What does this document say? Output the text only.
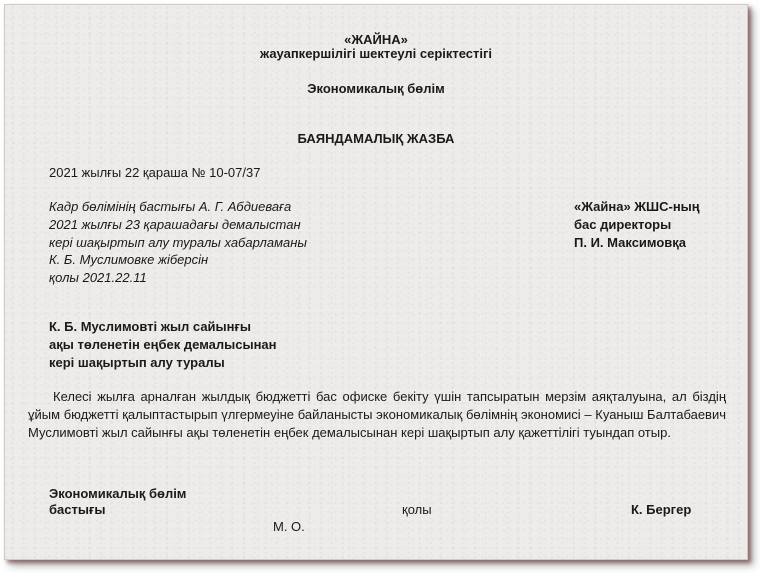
«ЖАЙНА»
жауапкершілігі шектеулі серіктестігі
Экономикалық бөлім
БАЯНДАМАЛЫҚ ЖАЗБА
2021 жылғы 22 қараша № 10-07/37
Кадр бөлімінің бастығы А. Г. Абдиеваға
2021 жылғы 23 қарашадағы демалыстан
кері шақыртып алу туралы хабарламаны
К. Б. Муслимовке жіберсін
қолы 2021.22.11
«Жайна» ЖШС-ның
бас директоры
П. И. Максимовқа
К. Б. Муслимовті жыл сайынғы
ақы төленетін еңбек демалысынан
кері шақыртып алу туралы
Келесі жылға арналған жылдық бюджетті бас офиске бекіту үшін тапсыратын мерзім аяқталуына, ал біздің ұйым бюджетті қалыптастырып үлгермеуіне байланысты экономикалық бөлімнің экономисі – Куаныш Балтабаевич Муслимовті жыл сайынғы ақы төленетін еңбек демалысынан кері шақыртып алу қажеттілігі туындап отыр.
Экономикалық бөлім
бастығы	қолы	К. Бергер
М. О.
